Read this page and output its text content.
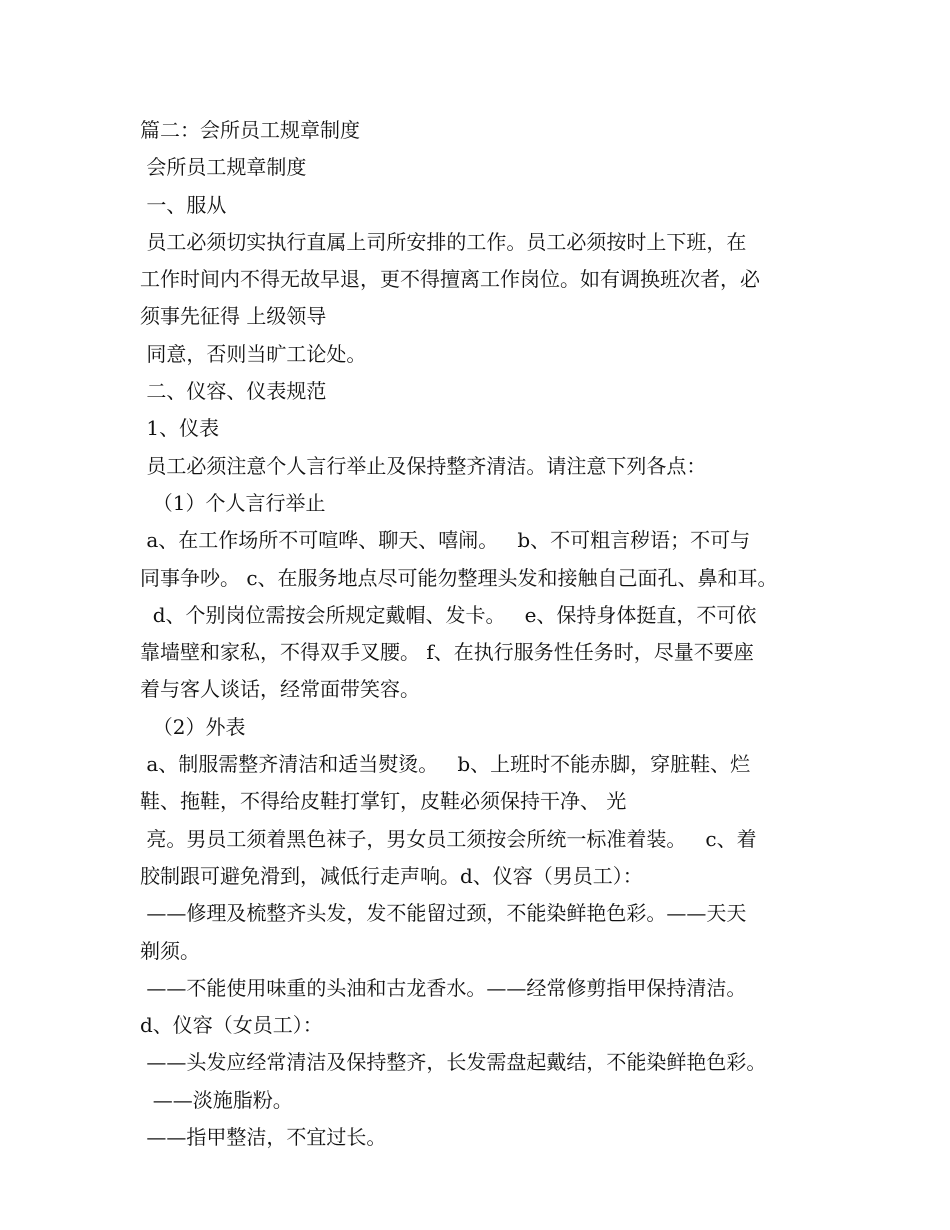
篇二：会所员工规章制度
会所员工规章制度
一、服从
员工必须切实执行直属上司所安排的工作。员工必须按时上下班，在
工作时间内不得无故早退，更不得擅离工作岗位。如有调换班次者，必
须事先征得 上级领导
同意，否则当旷工论处。
二、仪容、仪表规范
1、仪表
员工必须注意个人言行举止及保持整齐清洁。请注意下列各点：
（1）个人言行举止
a、在工作场所不可喧哗、聊天、嘻闹。   b、不可粗言秽语；不可与
同事争吵。 c、在服务地点尽可能勿整理头发和接触自己面孔、鼻和耳。
d、个别岗位需按会所规定戴帽、发卡。   e、保持身体挺直，不可依
靠墙壁和家私，不得双手叉腰。 f、在执行服务性任务时，尽量不要座
着与客人谈话，经常面带笑容。
（2）外表
a、制服需整齐清洁和适当熨烫。   b、上班时不能赤脚，穿脏鞋、烂
鞋、拖鞋，不得给皮鞋打掌钉，皮鞋必须保持干净、 光
亮。男员工须着黑色袜子，男女员工须按会所统一标准着装。   c、着
胶制跟可避免滑到，减低行走声响。d、仪容（男员工）：
——修理及梳整齐头发，发不能留过颈，不能染鲜艳色彩。——天天
剃须。
——不能使用味重的头油和古龙香水。——经常修剪指甲保持清洁。
d、仪容（女员工）：
——头发应经常清洁及保持整齐，长发需盘起戴结，不能染鲜艳色彩。
——淡施脂粉。
——指甲整洁，不宜过长。
